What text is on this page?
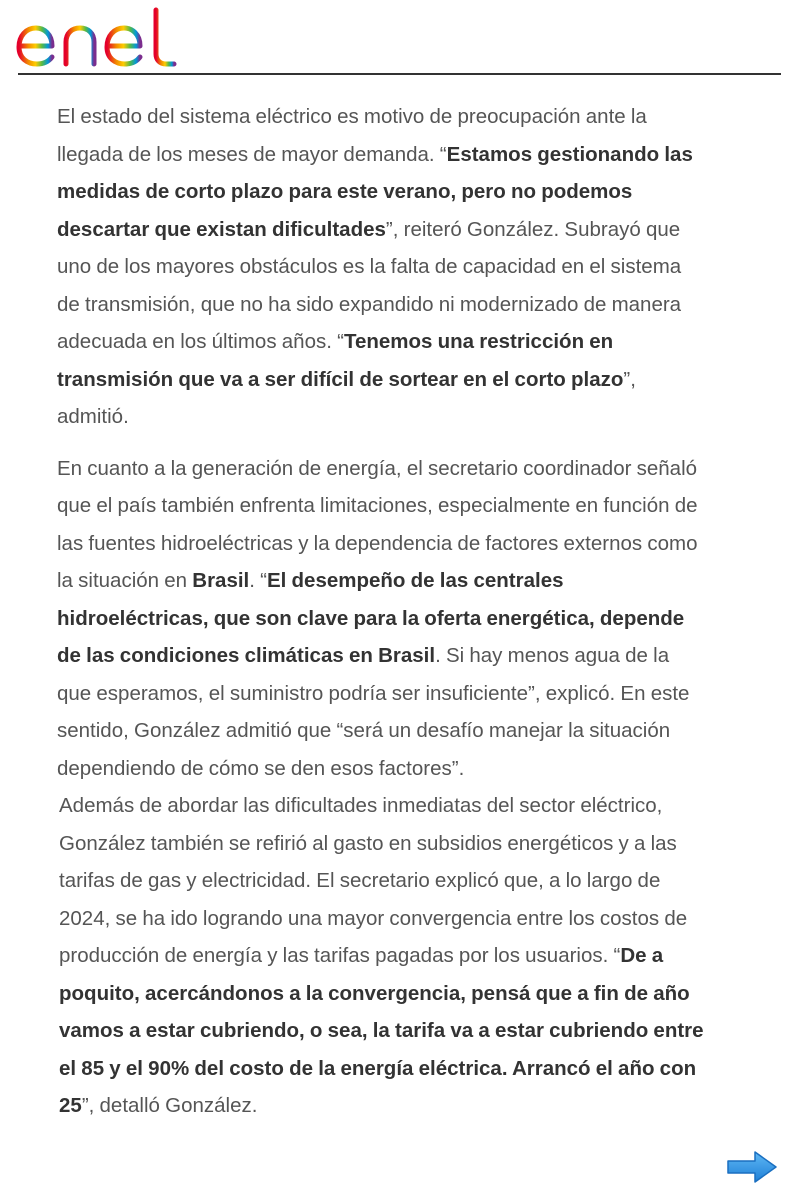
El estado del sistema eléctrico es motivo de preocupación ante la llegada de los meses de mayor demanda. “Estamos gestionando las medidas de corto plazo para este verano, pero no podemos descartar que existan dificultades”, reiteró González. Subrayó que uno de los mayores obstáculos es la falta de capacidad en el sistema de transmisión, que no ha sido expandido ni modernizado de manera adecuada en los últimos años. “Tenemos una restricción en transmisión que va a ser difícil de sortear en el corto plazo”, admitió.

En cuanto a la generación de energía, el secretario coordinador señaló que el país también enfrenta limitaciones, especialmente en función de las fuentes hidroeléctricas y la dependencia de factores externos como la situación en Brasil. “El desempeño de las centrales hidroeléctricas, que son clave para la oferta energética, depende de las condiciones climáticas en Brasil. Si hay menos agua de la que esperamos, el suministro podría ser insuficiente”, explicó. En este sentido, González admitió que “será un desafío manejar la situación dependiendo de cómo se den esos factores”.

Además de abordar las dificultades inmediatas del sector eléctrico, González también se refirió al gasto en subsidios energéticos y a las tarifas de gas y electricidad. El secretario explicó que, a lo largo de 2024, se ha ido logrando una mayor convergencia entre los costos de producción de energía y las tarifas pagadas por los usuarios. “De a poquito, acercándonos a la convergencia, pensá que a fin de año vamos a estar cubriendo, o sea, la tarifa va a estar cubriendo entre el 85 y el 90% del costo de la energía eléctrica. Arrancó el año con 25”, detalló González.
